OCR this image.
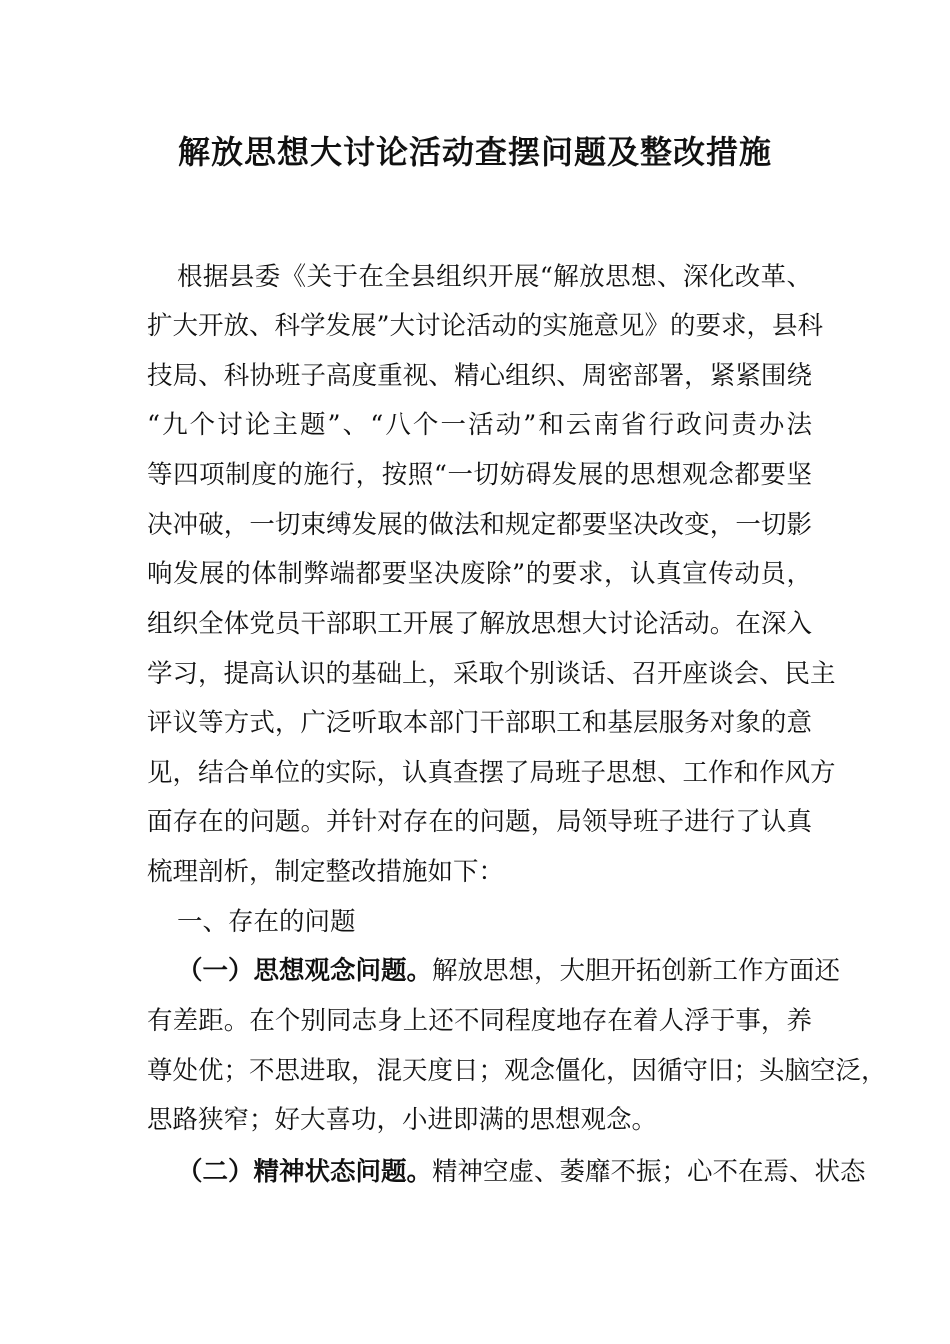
解放思想大讨论活动查摆问题及整改措施
根据县委《关于在全县组织开展“解放思想、深化改革、
扩大开放、科学发展”大讨论活动的实施意见》的要求，县科
技局、科协班子高度重视、精心组织、周密部署，紧紧围绕
“九个讨论主题”、“八个一活动”和云南省行政问责办法
等四项制度的施行，按照“一切妨碍发展的思想观念都要坚
决冲破，一切束缚发展的做法和规定都要坚决改变，一切影
响发展的体制弊端都要坚决废除”的要求，认真宣传动员，
组织全体党员干部职工开展了解放思想大讨论活动。在深入
学习，提高认识的基础上，采取个别谈话、召开座谈会、民主
评议等方式，广泛听取本部门干部职工和基层服务对象的意
见，结合单位的实际，认真查摆了局班子思想、工作和作风方
面存在的问题。并针对存在的问题，局领导班子进行了认真
梳理剖析，制定整改措施如下：
一、存在的问题
（一）思想观念问题。解放思想，大胆开拓创新工作方面还
有差距。在个别同志身上还不同程度地存在着人浮于事，养
尊处优；不思进取，混天度日；观念僵化，因循守旧；头脑空泛，
思路狭窄；好大喜功，小进即满的思想观念。
（二）精神状态问题。精神空虚、萎靡不振；心不在焉、状态
